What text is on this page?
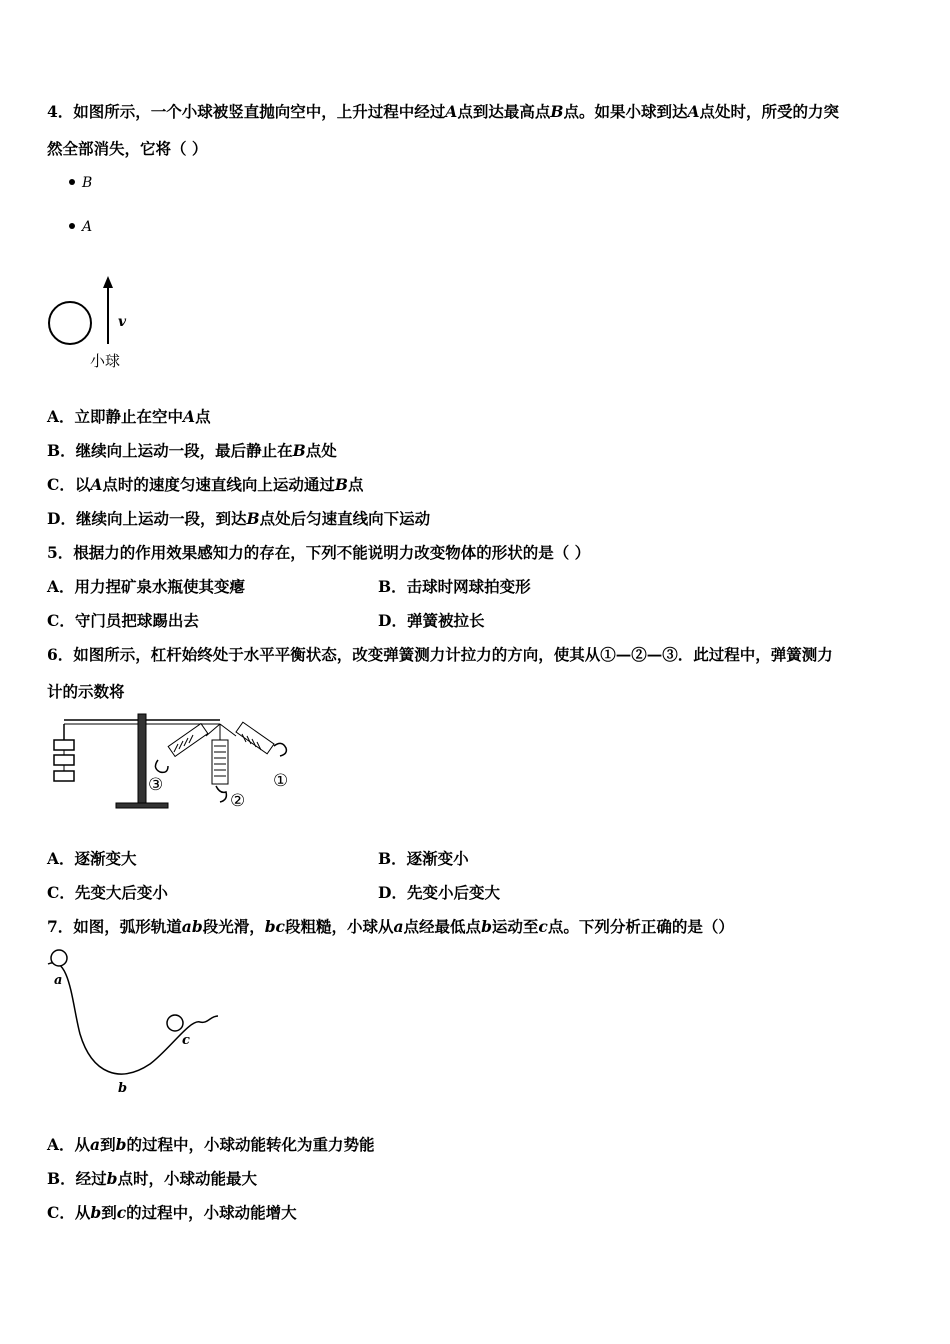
4．如图所示，一个小球被竖直抛向空中，上升过程中经过A点到达最高点B点。如果小球到达A点处时，所受的力突
然全部消失，它将（ ）
B
A
v
小球
A．立即静止在空中A点
B．继续向上运动一段，最后静止在B点处
C．以A点时的速度匀速直线向上运动通过B点
D．继续向上运动一段，到达B点处后匀速直线向下运动
5．根据力的作用效果感知力的存在，下列不能说明力改变物体的形状的是（ ）
A．用力捏矿泉水瓶使其变瘪	B．击球时网球拍变形
C．守门员把球踢出去	D．弹簧被拉长
6．如图所示，杠杆始终处于水平平衡状态，改变弹簧测力计拉力的方向，使其从①—②—③．此过程中，弹簧测力
计的示数将
①
②
③
A．逐渐变大	B．逐渐变小
C．先变大后变小	D．先变小后变大
7．如图，弧形轨道ab段光滑，bc段粗糙，小球从a点经最低点b运动至c点。下列分析正确的是（）
a
b
c
A．从a到b的过程中，小球动能转化为重力势能
B．经过b点时，小球动能最大
C．从b到c的过程中，小球动能增大
